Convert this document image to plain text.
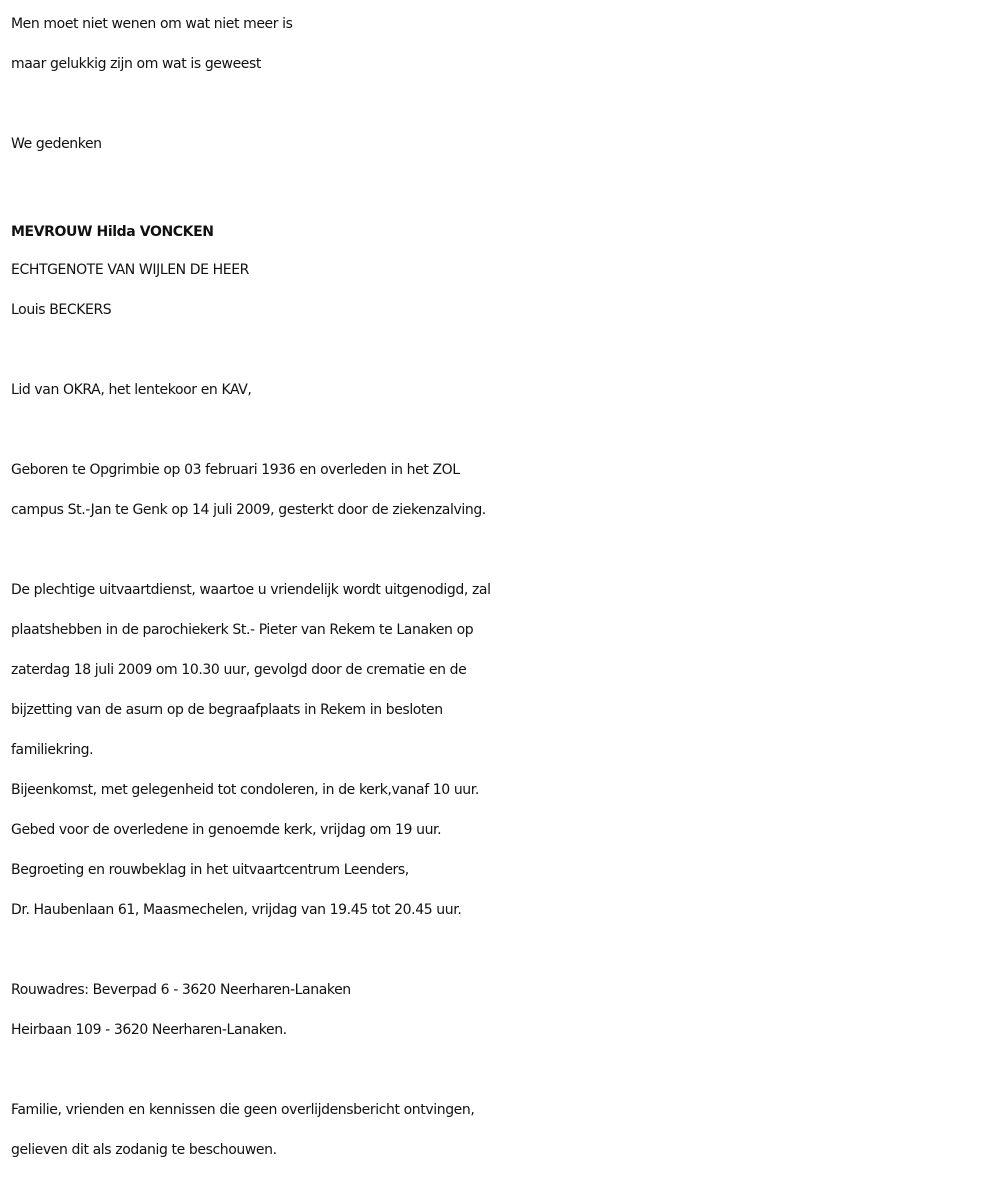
Men moet niet wenen om wat niet meer is
maar gelukkig zijn om wat is geweest
We gedenken
MEVROUW Hilda VONCKEN
ECHTGENOTE VAN WIJLEN DE HEER
Louis BECKERS
Lid van OKRA, het lentekoor en KAV,
Geboren te Opgrimbie op 03 februari 1936 en overleden in het ZOL
campus St.-Jan te Genk op 14 juli 2009, gesterkt door de ziekenzalving.
De plechtige uitvaartdienst, waartoe u vriendelijk wordt uitgenodigd, zal
plaatshebben in de parochiekerk St.- Pieter van Rekem te Lanaken op
zaterdag 18 juli 2009 om 10.30 uur, gevolgd door de crematie en de
bijzetting van de asurn op de begraafplaats in Rekem in besloten
familiekring.
Bijeenkomst, met gelegenheid tot condoleren, in de kerk,vanaf 10 uur.
Gebed voor de overledene in genoemde kerk, vrijdag om 19 uur.
Begroeting en rouwbeklag in het uitvaartcentrum Leenders,
Dr. Haubenlaan 61, Maasmechelen, vrijdag van 19.45 tot 20.45 uur.
Rouwadres: Beverpad 6 - 3620 Neerharen-Lanaken
Heirbaan 109 - 3620 Neerharen-Lanaken.
Familie, vrienden en kennissen die geen overlijdensbericht ontvingen,
gelieven dit als zodanig te beschouwen.
